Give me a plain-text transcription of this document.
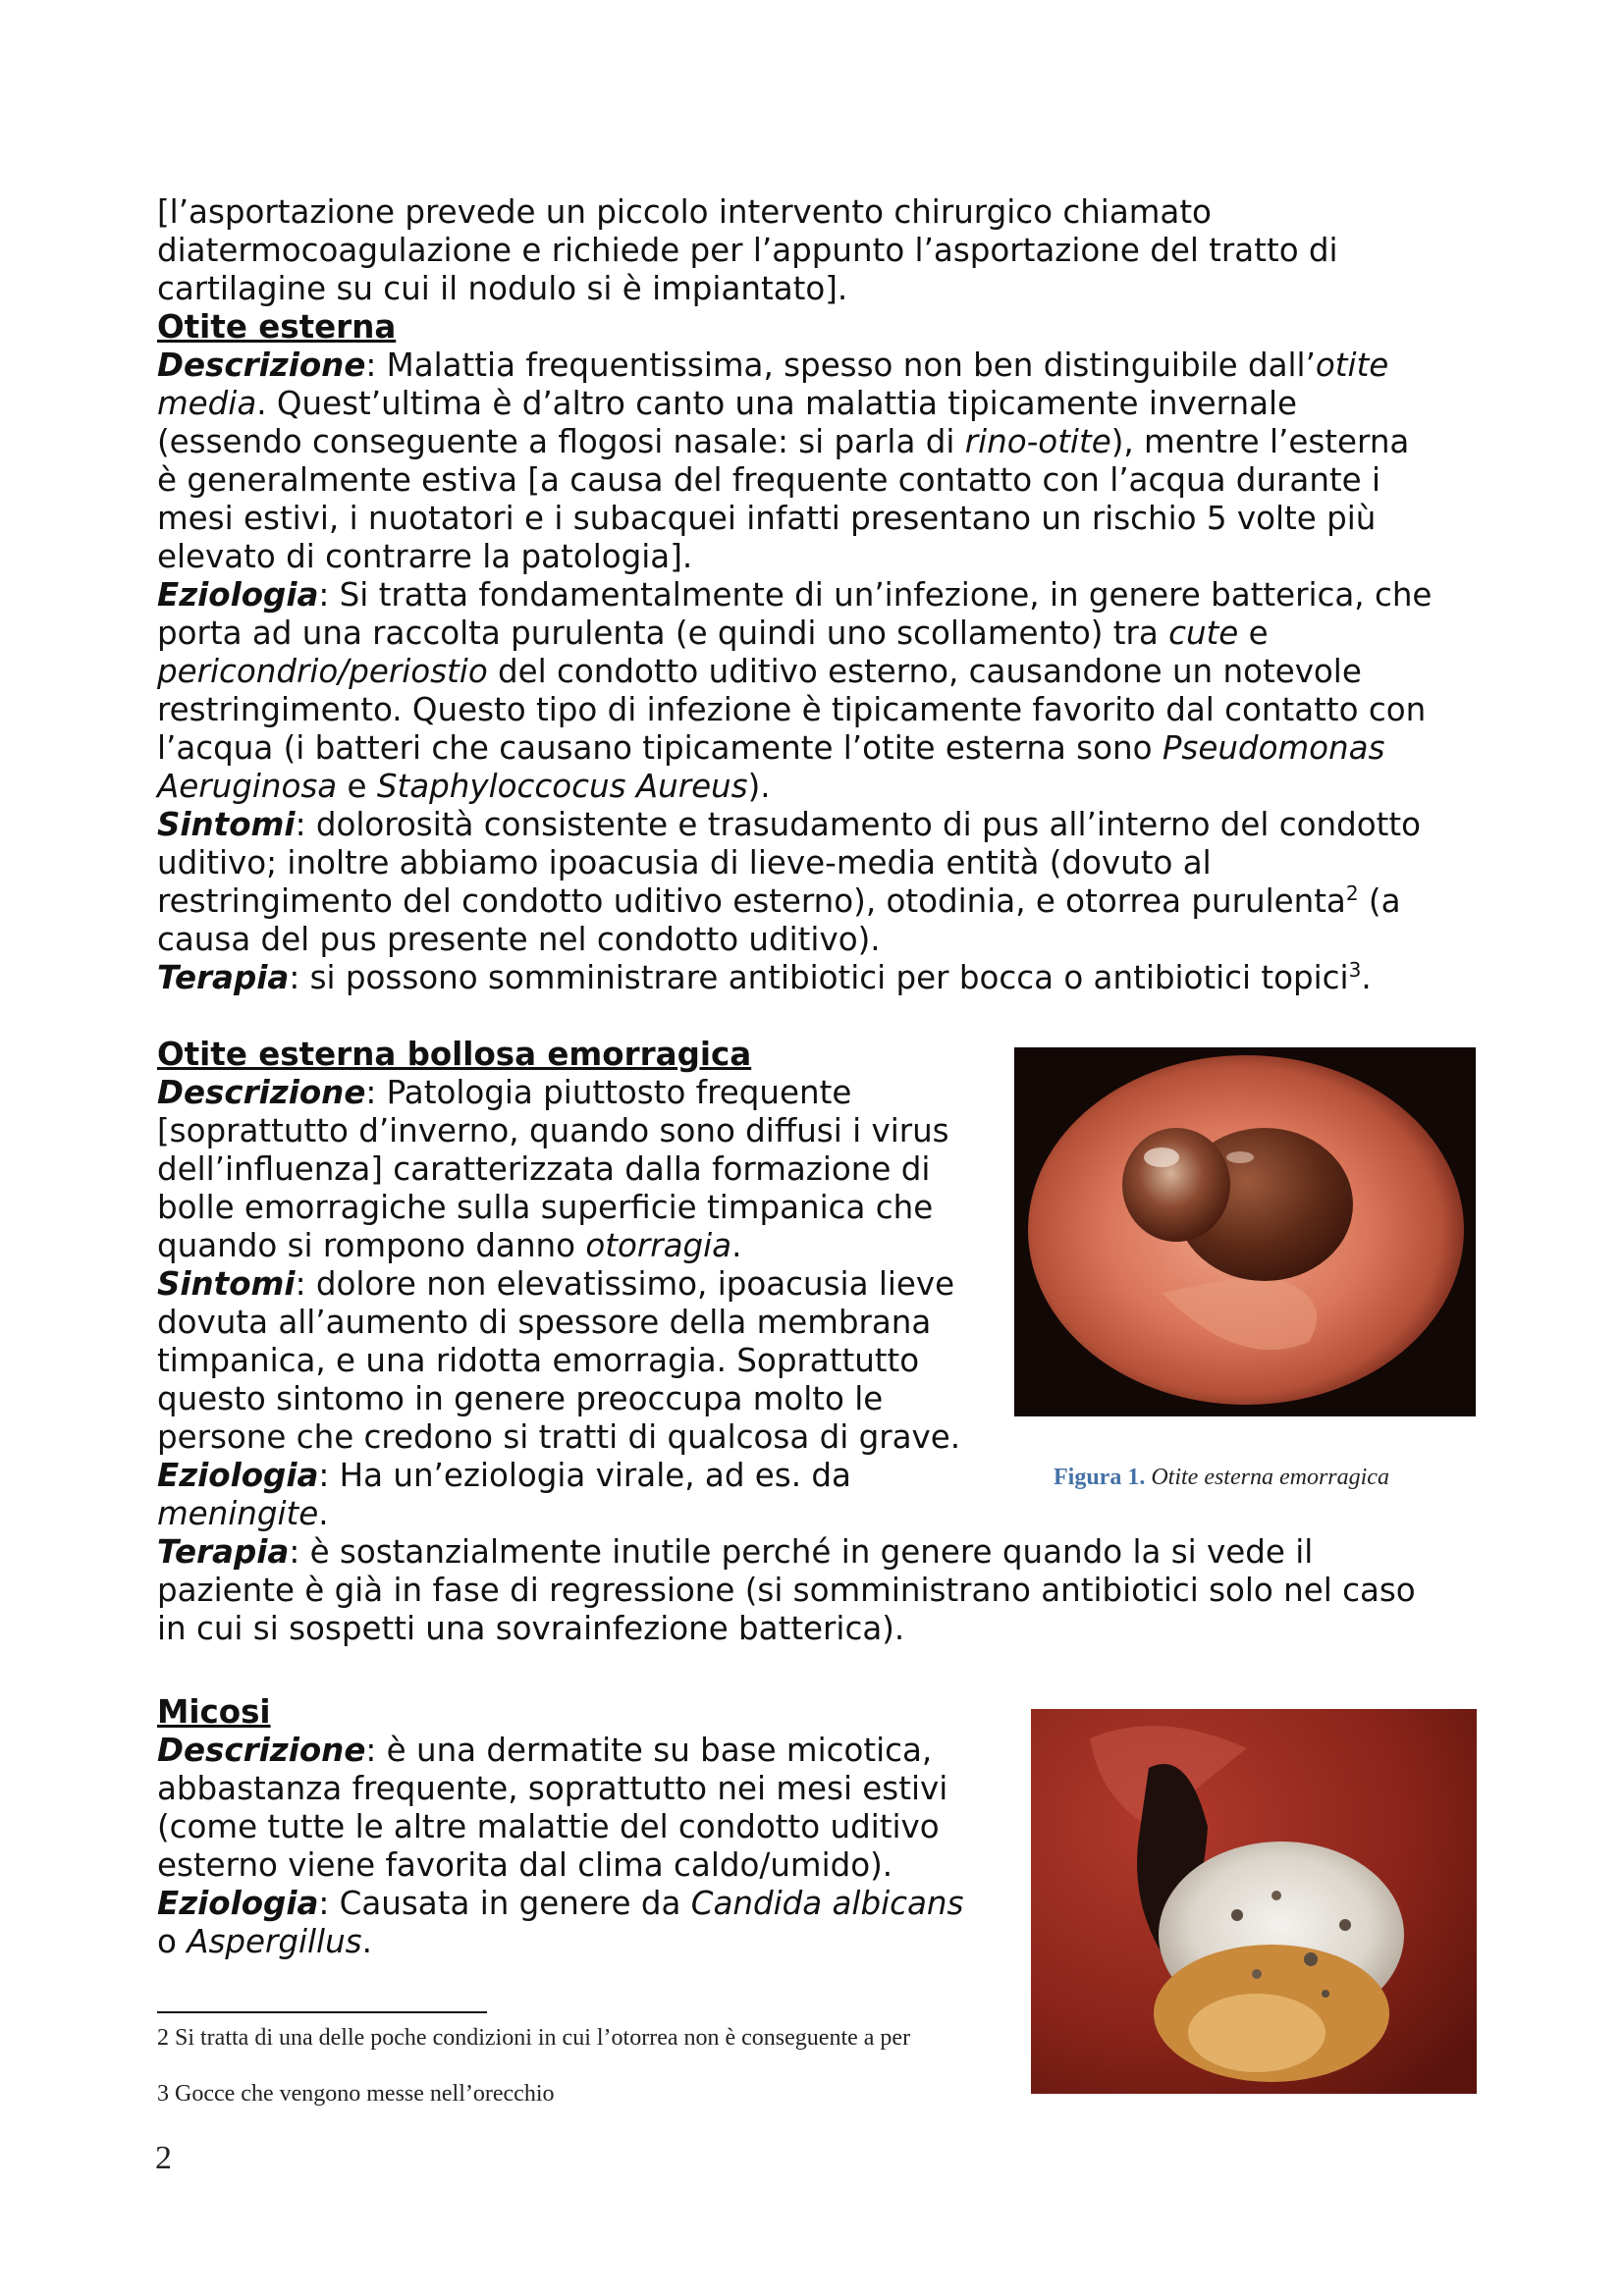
[l’asportazione prevede un piccolo intervento chirurgico chiamato

diatermocoagulazione e richiede per l’appunto l’asportazione del tratto di

cartilagine su cui il nodulo si è impiantato].

Otite esterna

Descrizione: Malattia frequentissima, spesso non ben distinguibile dall’otite

media. Quest’ultima è d’altro canto una malattia tipicamente invernale

(essendo conseguente a flogosi nasale: si parla di rino-otite), mentre l’esterna

è generalmente estiva [a causa del frequente contatto con l’acqua durante i

mesi estivi, i nuotatori e i subacquei infatti presentano un rischio 5 volte più

elevato di contrarre la patologia].

Eziologia: Si tratta fondamentalmente di un’infezione, in genere batterica, che

porta ad una raccolta purulenta (e quindi uno scollamento) tra cute e

pericondrio/periostio del condotto uditivo esterno, causandone un notevole

restringimento. Questo tipo di infezione è tipicamente favorito dal contatto con

l’acqua (i batteri che causano tipicamente l’otite esterna sono Pseudomonas

Aeruginosa e Staphyloccocus Aureus).

Sintomi: dolorosità consistente e trasudamento di pus all’interno del condotto

uditivo; inoltre abbiamo ipoacusia di lieve-media entità (dovuto al

restringimento del condotto uditivo esterno), otodinia, e otorrea purulenta$^2$ (a

causa del pus presente nel condotto uditivo).

Terapia: si possono somministrare antibiotici per bocca o antibiotici topici$^3$.

Otite esterna bollosa emorragica

Descrizione: Patologia piuttosto frequente

[soprattutto d’inverno, quando sono diffusi i virus

dell’influenza] caratterizzata dalla formazione di

bolle emorragiche sulla superficie timpanica che

quando si rompono danno otorragia.

Sintomi: dolore non elevatissimo, ipoacusia lieve

dovuta all’aumento di spessore della membrana

timpanica, e una ridotta emorragia. Soprattutto

questo sintomo in genere preoccupa molto le

persone che credono si tratti di qualcosa di grave.

Eziologia: Ha un’eziologia virale, ad es. da

meningite.

Terapia: è sostanzialmente inutile perché in genere quando la si vede il

paziente è già in fase di regressione (si somministrano antibiotici solo nel caso

in cui si sospetti una sovrainfezione batterica).

Micosi

Descrizione: è una dermatite su base micotica,

abbastanza frequente, soprattutto nei mesi estivi

(come tutte le altre malattie del condotto uditivo

esterno viene favorita dal clima caldo/umido).

Eziologia: Causata in genere da Candida albicans

o Aspergillus.

Figura 1. Otite esterna emorragica
2 Si tratta di una delle poche condizioni in cui l’otorrea non è conseguente a per
3 Gocce che vengono messe nell’orecchio
2
